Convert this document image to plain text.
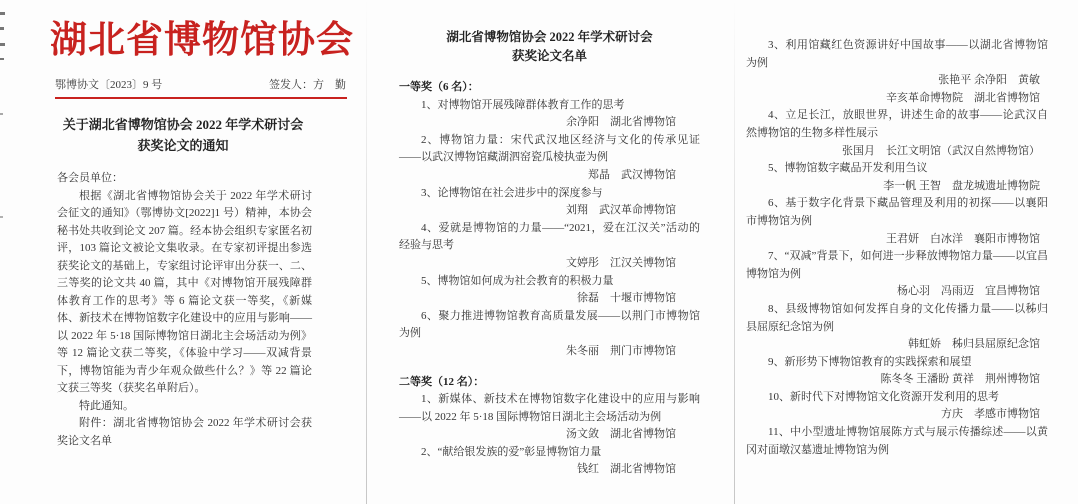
湖北省博物馆协会
鄂博协文〔2023〕9 号	签发人：方　勤
关于湖北省博物馆协会 2022 年学术研讨会
获奖论文的通知

各会员单位：

根据《湖北省博物馆协会关于 2022 年学术研讨会征文的通知》（鄂博协文[2022]1 号）精神，本协会秘书处共收到论文 207 篇。经本协会组织专家匿名初评，103 篇论文被论文集收录。在专家初评提出参选获奖论文的基础上，专家组讨论评审出分获一、二、三等奖的论文共 40 篇，其中《对博物馆开展残障群体教育工作的思考》等 6 篇论文获一等奖，《新媒体、新技术在博物馆数字化建设中的应用与影响——以 2022 年 5·18 国际博物馆日湖北主会场活动为例》等 12 篇论文获二等奖，《体验中学习——双减背景下，博物馆能为青少年观众做些什么？》等 22 篇论文获三等奖（获奖名单附后）。

特此通知。

附件：湖北省博物馆协会 2022 年学术研讨会获奖论文名单

湖北省博物馆协会 2022 年学术研讨会
获奖论文名单
一等奖（6 名）：

1、对博物馆开展残障群体教育工作的思考

余净阳　湖北省博物馆

2、博物馆力量：宋代武汉地区经济与文化的传承见证——以武汉博物馆藏湖泗窑瓷瓜棱执壶为例

郑晶　武汉博物馆

3、论博物馆在社会进步中的深度参与

刘翔　武汉革命博物馆

4、爱就是博物馆的力量——“2021，爱在江汉关”活动的经验与思考

文婷彤　江汉关博物馆

5、博物馆如何成为社会教育的积极力量

徐磊　十堰市博物馆

6、聚力推进博物馆教育高质量发展——以荆门市博物馆为例

朱冬丽　荆门市博物馆

二等奖（12 名）：

1、新媒体、新技术在博物馆数字化建设中的应用与影响——以 2022 年 5·18 国际博物馆日湖北主会场活动为例

汤文敛　湖北省博物馆

2、“献给银发族的爱”彰显博物馆力量

钱红　湖北省博物馆

3、利用馆藏红色资源讲好中国故事——以湖北省博物馆为例

张艳平 余净阳　黄敏

辛亥革命博物院　湖北省博物馆

4、立足长江，放眼世界，讲述生命的故事——论武汉自然博物馆的生物多样性展示

张国月　长江文明馆（武汉自然博物馆）

5、博物馆数字藏品开发利用刍议

李一帆 王智　盘龙城遗址博物院

6、基于数字化背景下藏品管理及利用的初探——以襄阳市博物馆为例

王君妍　白冰洋　襄阳市博物馆

7、“双减”背景下，如何进一步释放博物馆力量——以宜昌博物馆为例

杨心羽　冯雨迈　宜昌博物馆

8、县级博物馆如何发挥自身的文化传播力量——以秭归县屈原纪念馆为例

韩虹娇　秭归县屈原纪念馆

9、新形势下博物馆教育的实践探索和展望

陈冬冬 王潘盼 黄祥　荆州博物馆

10、新时代下对博物馆文化资源开发利用的思考

方庆　孝感市博物馆

11、中小型遗址博物馆展陈方式与展示传播综述——以黄冈对面墩汉墓遗址博物馆为例
